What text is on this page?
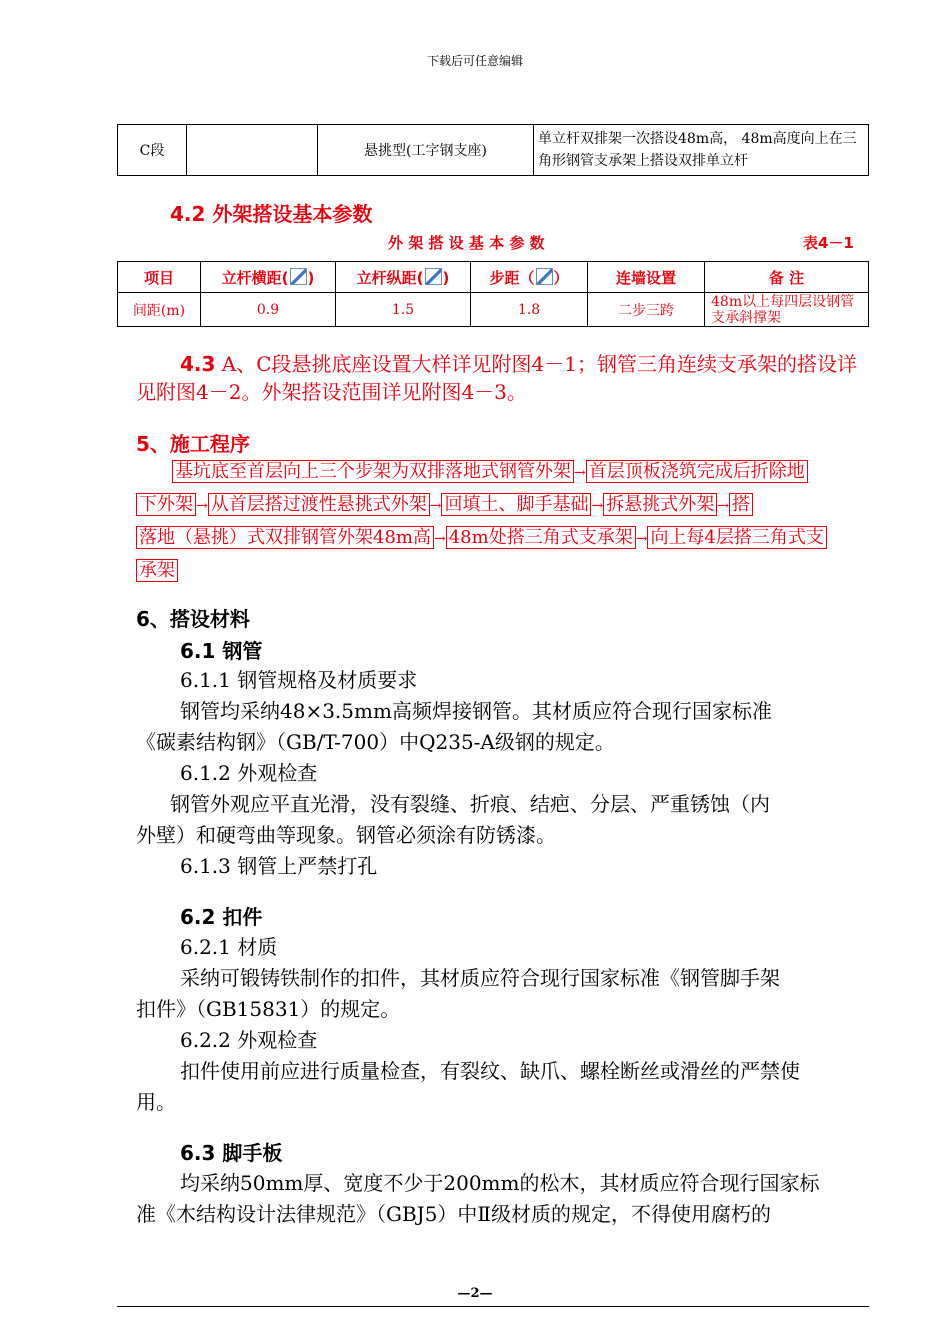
下载后可任意编辑
C段		悬挑型(工字钢支座)	单立杆双排架一次搭设48m高， 48m高度向上在三角形钢管支承架上搭设双排单立杆
4.2 外架搭设基本参数
外 架 搭 设 基 本 参 数	表4－1
项目	立杆横距( )	立杆纵距( )	步距（ ）	连墙设置	备 注
间距(m)	0.9	1.5	1.8	二步三跨	48m以上每四层设钢管支承斜撑架
4.3 A、C段悬挑底座设置大样详见附图4－1；钢管三角连续支承架的搭设详见附图4－2。外架搭设范围详见附图4－3。
5、施工程序
基坑底至首层向上三个步架为双排落地式钢管外架 → 首层顶板浇筑完成后折除地
下外架 → 从首层搭过渡性悬挑式外架 → 回填土、脚手基础 → 拆悬挑式外架 → 搭
落地（悬挑）式双排钢管外架48m高 → 48m处搭三角式支承架 → 向上每4层搭三角式支
承架
6、搭设材料
6.1 钢管
6.1.1 钢管规格及材质要求
钢管均采纳48×3.5mm高频焊接钢管。其材质应符合现行国家标准
《碳素结构钢》（GB/T-700）中Q235-A级钢的规定。
6.1.2 外观检查
钢管外观应平直光滑，没有裂缝、折痕、结疤、分层、严重锈蚀（内
外壁）和硬弯曲等现象。钢管必须涂有防锈漆。
6.1.3 钢管上严禁打孔
6.2 扣件
6.2.1 材质
采纳可锻铸铁制作的扣件，其材质应符合现行国家标准《钢管脚手架
扣件》（GB15831）的规定。
6.2.2 外观检查
扣件使用前应进行质量检查，有裂纹、缺爪、螺栓断丝或滑丝的严禁使
用。
6.3 脚手板
均采纳50mm厚、宽度不少于200mm的松木，其材质应符合现行国家标
准《木结构设计法律规范》（GBJ5）中Ⅱ级材质的规定，不得使用腐朽的
—2—
